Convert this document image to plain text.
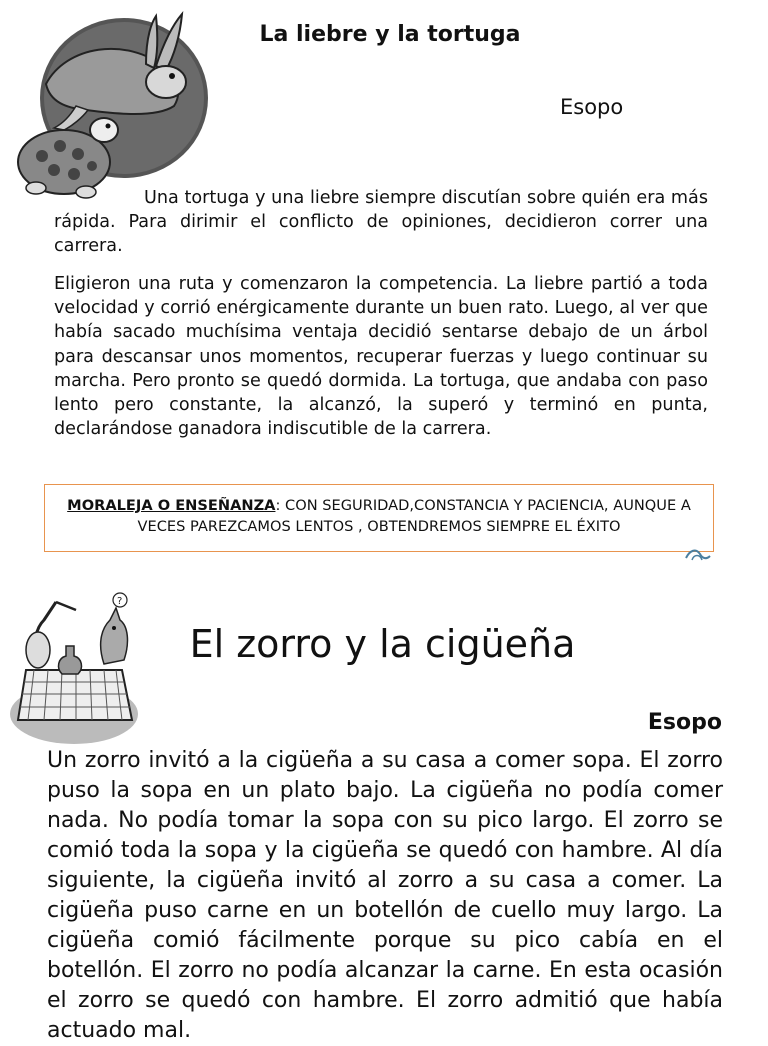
La liebre y la tortuga
Esopo
Una tortuga y una liebre siempre discutían sobre quién era más rápida. Para dirimir el conflicto de opiniones, decidieron correr una carrera.
Eligieron una ruta y comenzaron la competencia. La liebre partió a toda velocidad y corrió enérgicamente durante un buen rato. Luego, al ver que había sacado muchísima ventaja decidió sentarse debajo de un árbol para descansar unos momentos, recuperar fuerzas y luego continuar su marcha. Pero pronto se quedó dormida. La tortuga, que andaba con paso lento pero constante, la alcanzó, la superó y terminó en punta, declarándose ganadora indiscutible de la carrera.
MORALEJA O ENSEÑANZA: CON SEGURIDAD,CONSTANCIA Y PACIENCIA, AUNQUE A VECES PAREZCAMOS LENTOS , OBTENDREMOS SIEMPRE EL ÉXITO
?
El zorro y la cigüeña
Esopo
Un zorro invitó a la cigüeña a su casa a comer sopa. El zorro puso la sopa en un plato bajo. La cigüeña no podía comer nada. No podía tomar la sopa con su pico largo. El zorro se comió toda la sopa y la cigüeña se quedó con hambre. Al día siguiente, la cigüeña invitó al zorro a su casa a comer. La cigüeña puso carne en un botellón de cuello muy largo. La cigüeña comió fácilmente porque su pico cabía en el botellón. El zorro no podía alcanzar la carne. En esta ocasión el zorro se quedó con hambre. El zorro admitió que había actuado mal.
